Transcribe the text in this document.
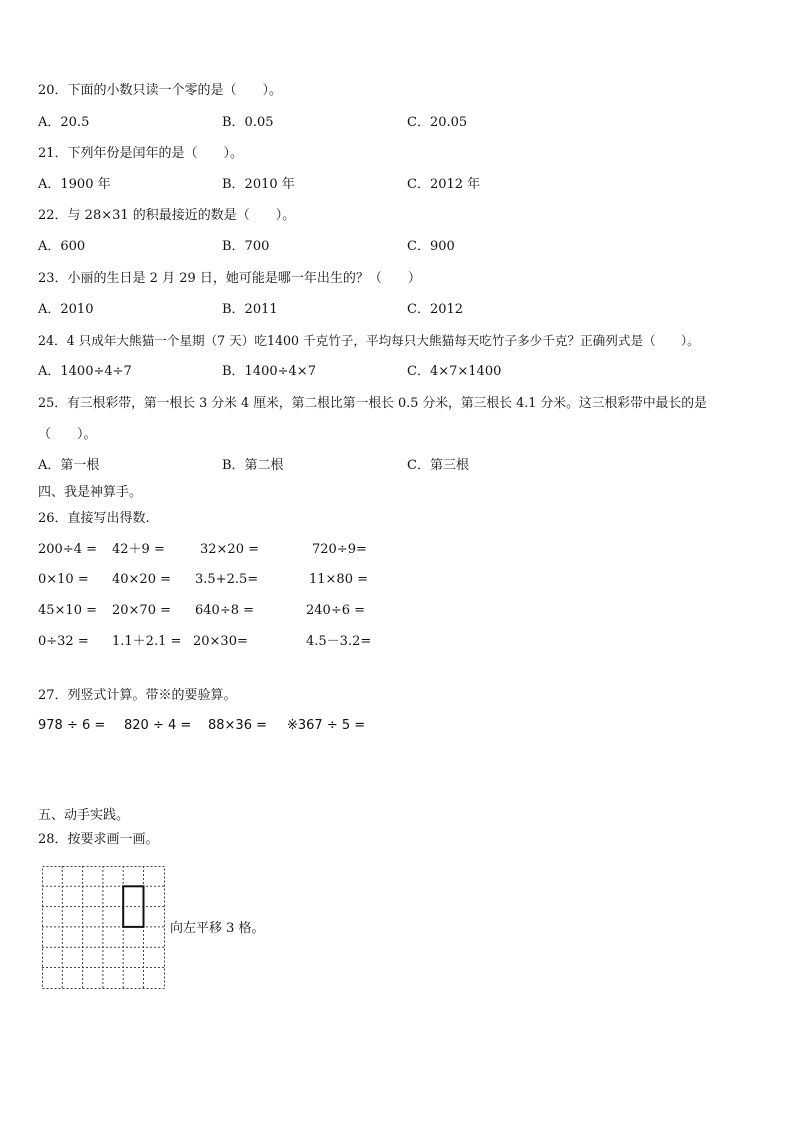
20．下面的小数只读一个零的是（　　）。
A．20.5	B．0.05	C．20.05
21．下列年份是闰年的是（　　）。
A．1900 年	B．2010 年	C．2012 年
22．与 28×31 的积最接近的数是（　　）。
A．600	B．700	C．900
23．小丽的生日是 2 月 29 日，她可能是哪一年出生的？（　　）
A．2010	B．2011	C．2012
24．4 只成年大熊猫一个星期（7 天）吃1400 千克竹子，平均每只大熊猫每天吃竹子多少千克？正确列式是（　　）。
A．1400÷4÷7	B．1400÷4×7	C．4×7×1400
25．有三根彩带，第一根长 3 分米 4 厘米，第二根比第一根长 0.5 分米，第三根长 4.1 分米。这三根彩带中最长的是
（　　）。
A．第一根	B．第二根	C．第三根
四、我是神算手。
26．直接写出得数.
200÷4 = 42＋9 =	32×20 =	720÷9=
0×10 = 40×20 = 3.5+2.5=	11×80 =
45×10 = 20×70 = 640÷8 =	240÷6 =
0÷32 = 1.1＋2.1 = 20×30=	4.5－3.2=
27．列竖式计算。带※的要验算。
978 ÷ 6 = 820 ÷ 4 = 88×36 = ※367 ÷ 5 =
五、动手实践。
28．按要求画一画。
向左平移 3 格。
